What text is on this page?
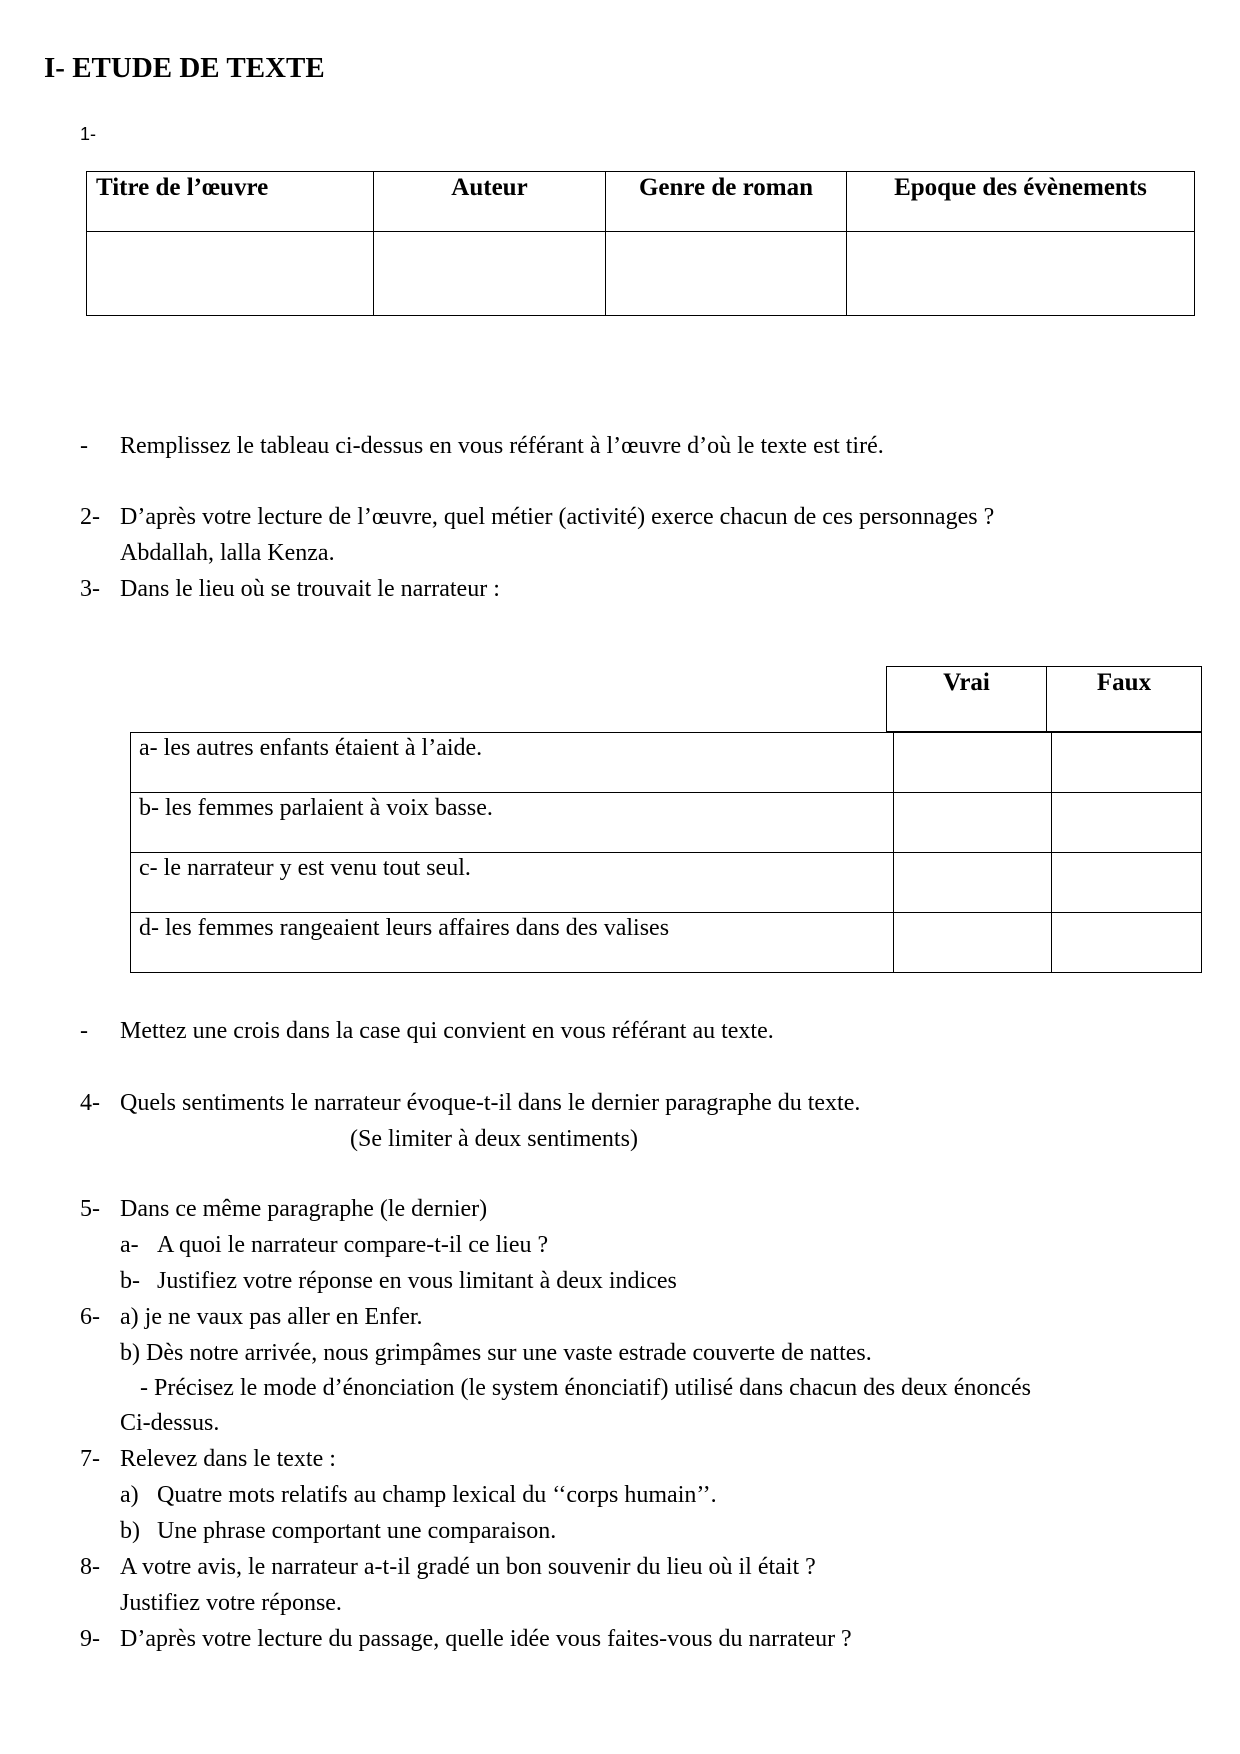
I- ETUDE DE TEXTE
1-
Titre de l’œuvre	Auteur	Genre de roman	Epoque des évènements

- Remplissez le tableau ci-dessus en vous référant à l’œuvre d’où le texte est tiré.
2- D’après votre lecture de l’œuvre, quel métier (activité) exerce chacun de ces personnages ?
Abdallah, lalla Kenza.
3- Dans le lieu où se trouvait le narrateur :
Vrai	Faux
a- les autres enfants étaient à l’aide.		
b- les femmes parlaient à voix basse.		
c- le narrateur y est venu tout seul.		
d- les femmes rangeaient leurs affaires dans des valises		
- Mettez une crois dans la case qui convient en vous référant au texte.
4- Quels sentiments le narrateur évoque-t-il dans le dernier paragraphe du texte.
(Se limiter à deux sentiments)
5- Dans ce même paragraphe (le dernier)
a- A quoi le narrateur compare-t-il ce lieu ?
b- Justifiez votre réponse en vous limitant à deux indices
6- a) je ne vaux pas aller en Enfer.
b) Dès notre arrivée, nous grimpâmes sur une vaste estrade couverte de nattes.
- Précisez le mode d’énonciation (le system énonciatif) utilisé dans chacun des deux énoncés
Ci-dessus.
7- Relevez dans le texte :
a) Quatre mots relatifs au champ lexical du ‘‘corps humain’’.
b) Une phrase comportant une comparaison.
8- A votre avis, le narrateur a-t-il gradé un bon souvenir du lieu où il était ?
Justifiez votre réponse.
9- D’après votre lecture du passage, quelle idée vous faites-vous du narrateur ?
